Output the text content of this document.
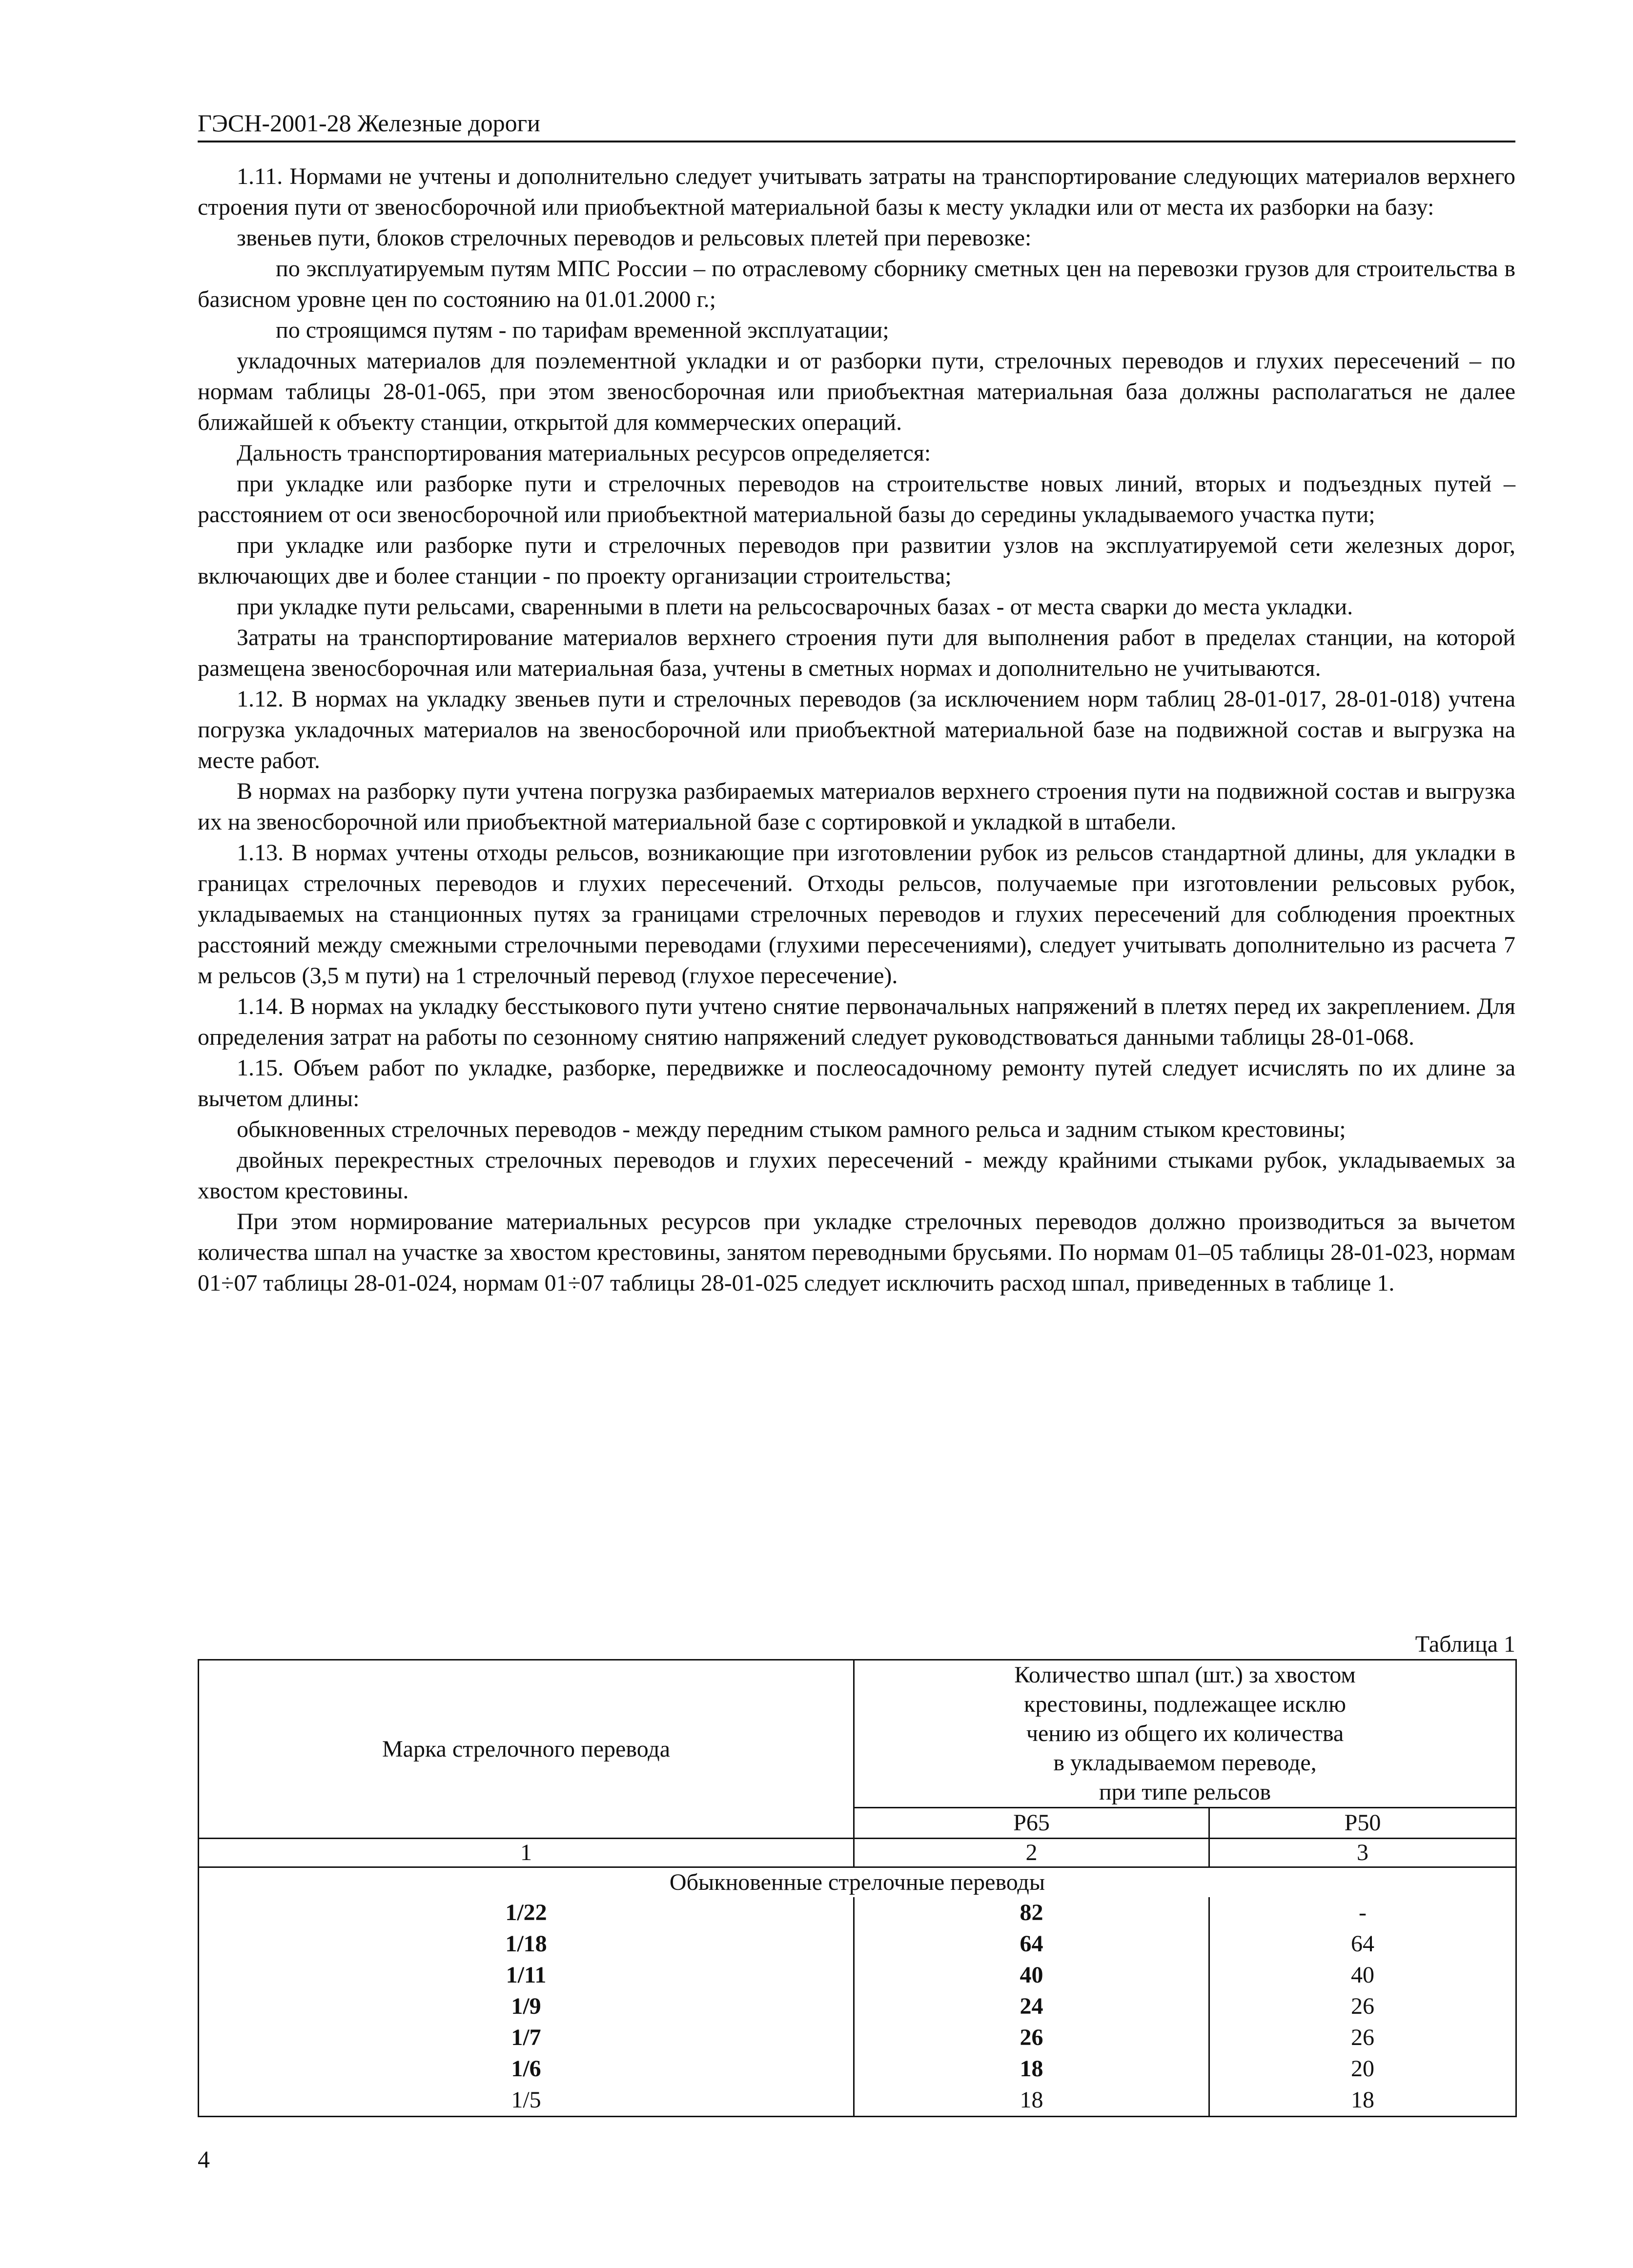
ГЭСН-2001-28 Железные дороги

1.11. Нормами не учтены и дополнительно следует учитывать затраты на транспортирование следующих материалов верхнего строения пути от звеносборочной или приобъектной материальной базы к месту укладки или от места их разборки на базу:

звеньев пути, блоков стрелочных переводов и рельсовых плетей при перевозке:

по эксплуатируемым путям МПС России – по отраслевому сборнику сметных цен на перевозки грузов для строительства в базисном уровне цен по состоянию на 01.01.2000 г.;

по строящимся путям - по тарифам временной эксплуатации;

укладочных материалов для поэлементной укладки и от разборки пути, стрелочных переводов и глухих пересечений – по нормам таблицы 28-01-065, при этом звеносборочная или приобъектная материальная база должны располагаться не далее ближайшей к объекту станции, открытой для коммерческих операций.

Дальность транспортирования материальных ресурсов определяется:

при укладке или разборке пути и стрелочных переводов на строительстве новых линий, вторых и подъездных путей – расстоянием от оси звеносборочной или приобъектной материальной базы до середины укладываемого участка пути;

при укладке или разборке пути и стрелочных переводов при развитии узлов на эксплуатируемой сети железных дорог, включающих две и более станции - по проекту организации строительства;

при укладке пути рельсами, сваренными в плети на рельсосварочных базах - от места сварки до места укладки.

Затраты на транспортирование материалов верхнего строения пути для выполнения работ в пределах станции, на которой размещена звеносборочная или материальная база, учтены в сметных нормах и дополнительно не учитываются.

1.12. В нормах на укладку звеньев пути и стрелочных переводов (за исключением норм таблиц 28-01-017, 28-01-018) учтена погрузка укладочных материалов на звеносборочной или приобъектной материальной базе на подвижной состав и выгрузка на месте работ.

В нормах на разборку пути учтена погрузка разбираемых материалов верхнего строения пути на подвижной состав и выгрузка их на звеносборочной или приобъектной материальной базе с сортировкой и укладкой в штабели.

1.13. В нормах учтены отходы рельсов, возникающие при изготовлении рубок из рельсов стандартной длины, для укладки в границах стрелочных переводов и глухих пересечений. Отходы рельсов, получаемые при изготовлении рельсовых рубок, укладываемых на станционных путях за границами стрелочных переводов и глухих пересечений для соблюдения проектных расстояний между смежными стрелочными переводами (глухими пересечениями), следует учитывать дополнительно из расчета 7 м рельсов (3,5 м пути) на 1 стрелочный перевод (глухое пересечение).

1.14. В нормах на укладку бесстыкового пути учтено снятие первоначальных напряжений в плетях перед их закреплением. Для определения затрат на работы по сезонному снятию напряжений следует руководствоваться данными таблицы 28-01-068.

1.15. Объем работ по укладке, разборке, передвижке и послеосадочному ремонту путей следует исчислять по их длине за вычетом длины:

обыкновенных стрелочных переводов - между передним стыком рамного рельса и задним стыком крестовины;

двойных перекрестных стрелочных переводов и глухих пересечений - между крайними стыками рубок, укладываемых за хвостом крестовины.

При этом нормирование материальных ресурсов при укладке стрелочных переводов должно производиться за вычетом количества шпал на участке за хвостом крестовины, занятом переводными брусьями. По нормам 01–05 таблицы 28-01-023, нормам 01÷07 таблицы 28-01-024, нормам 01÷07 таблицы 28-01-025 следует исключить расход шпал, приведенных в таблице 1.

Таблица 1
Марка стрелочного перевода	Количество шпал (шт.) за хвостом
крестовины, подлежащее исклю
чению из общего их количества
в укладываемом переводе,
при типе рельсов	

	Р65	Р50
1	2	3
Обыкновенные стрелочные переводы		
1/22	82	-
1/18	64	64
1/11	40	40
1/9	24	26
1/7	26	26
1/6	18	20
1/5	18	18
4
